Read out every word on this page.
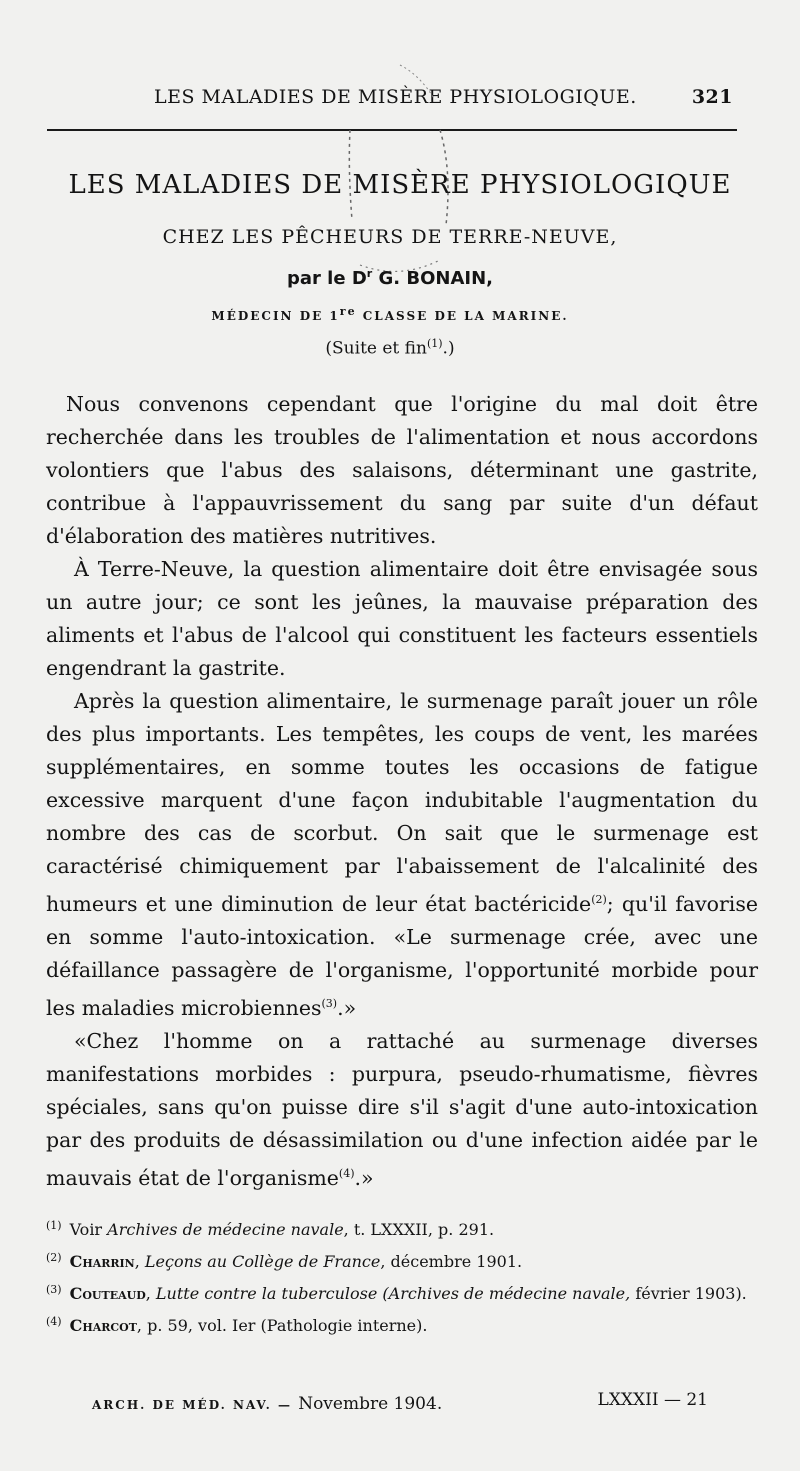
LES MALADIES DE MISÈRE PHYSIOLOGIQUE.	321
LES MALADIES DE MISÈRE PHYSIOLOGIQUE
CHEZ LES PÊCHEURS DE TERRE-NEUVE,
par le $D^r$ G. BONAIN,
MÉDECIN DE 1re CLASSE DE LA MARINE.
(Suite et fin$^{(1)}$.)

Nous convenons cependant que l'origine du mal doit être recherchée dans les troubles de l'alimentation et nous accordons volontiers que l'abus des salaisons, déterminant une gastrite, contribue à l'appauvrissement du sang par suite d'un défaut d'élaboration des matières nutritives.

À Terre-Neuve, la question alimentaire doit être envisagée sous un autre jour; ce sont les jeûnes, la mauvaise préparation des aliments et l'abus de l'alcool qui constituent les facteurs essentiels engendrant la gastrite.

Après la question alimentaire, le surmenage paraît jouer un rôle des plus importants. Les tempêtes, les coups de vent, les marées supplémentaires, en somme toutes les occasions de fatigue excessive marquent d'une façon indubitable l'augmentation du nombre des cas de scorbut. On sait que le surmenage est caractérisé chimiquement par l'abaissement de l'alcalinité des humeurs et une diminution de leur état bactéricide$^{(2)}$; qu'il favorise en somme l'auto-intoxication. «Le surmenage crée, avec une défaillance passagère de l'organisme, l'opportunité morbide pour les maladies microbiennes$^{(3)}$.»

«Chez l'homme on a rattaché au surmenage diverses manifestations morbides : purpura, pseudo-rhumatisme, fièvres spéciales, sans qu'on puisse dire s'il s'agit d'une auto-intoxication par des produits de désassimilation ou d'une infection aidée par le mauvais état de l'organisme$^{(4)}$.»

$^{(1)}$ Voir Archives de médecine navale, t. LXXXII, p. 291.

$^{(2)}$ Charrin, Leçons au Collège de France, décembre 1901.

$^{(3)}$ Couteaud, Lutte contre la tuberculose (Archives de médecine navale, février 1903).

$^{(4)}$ Charcot, p. 59, vol. Ier (Pathologie interne).

ARCH. DE MÉD. NAV. — Novembre 1904.	LXXXII — 21
